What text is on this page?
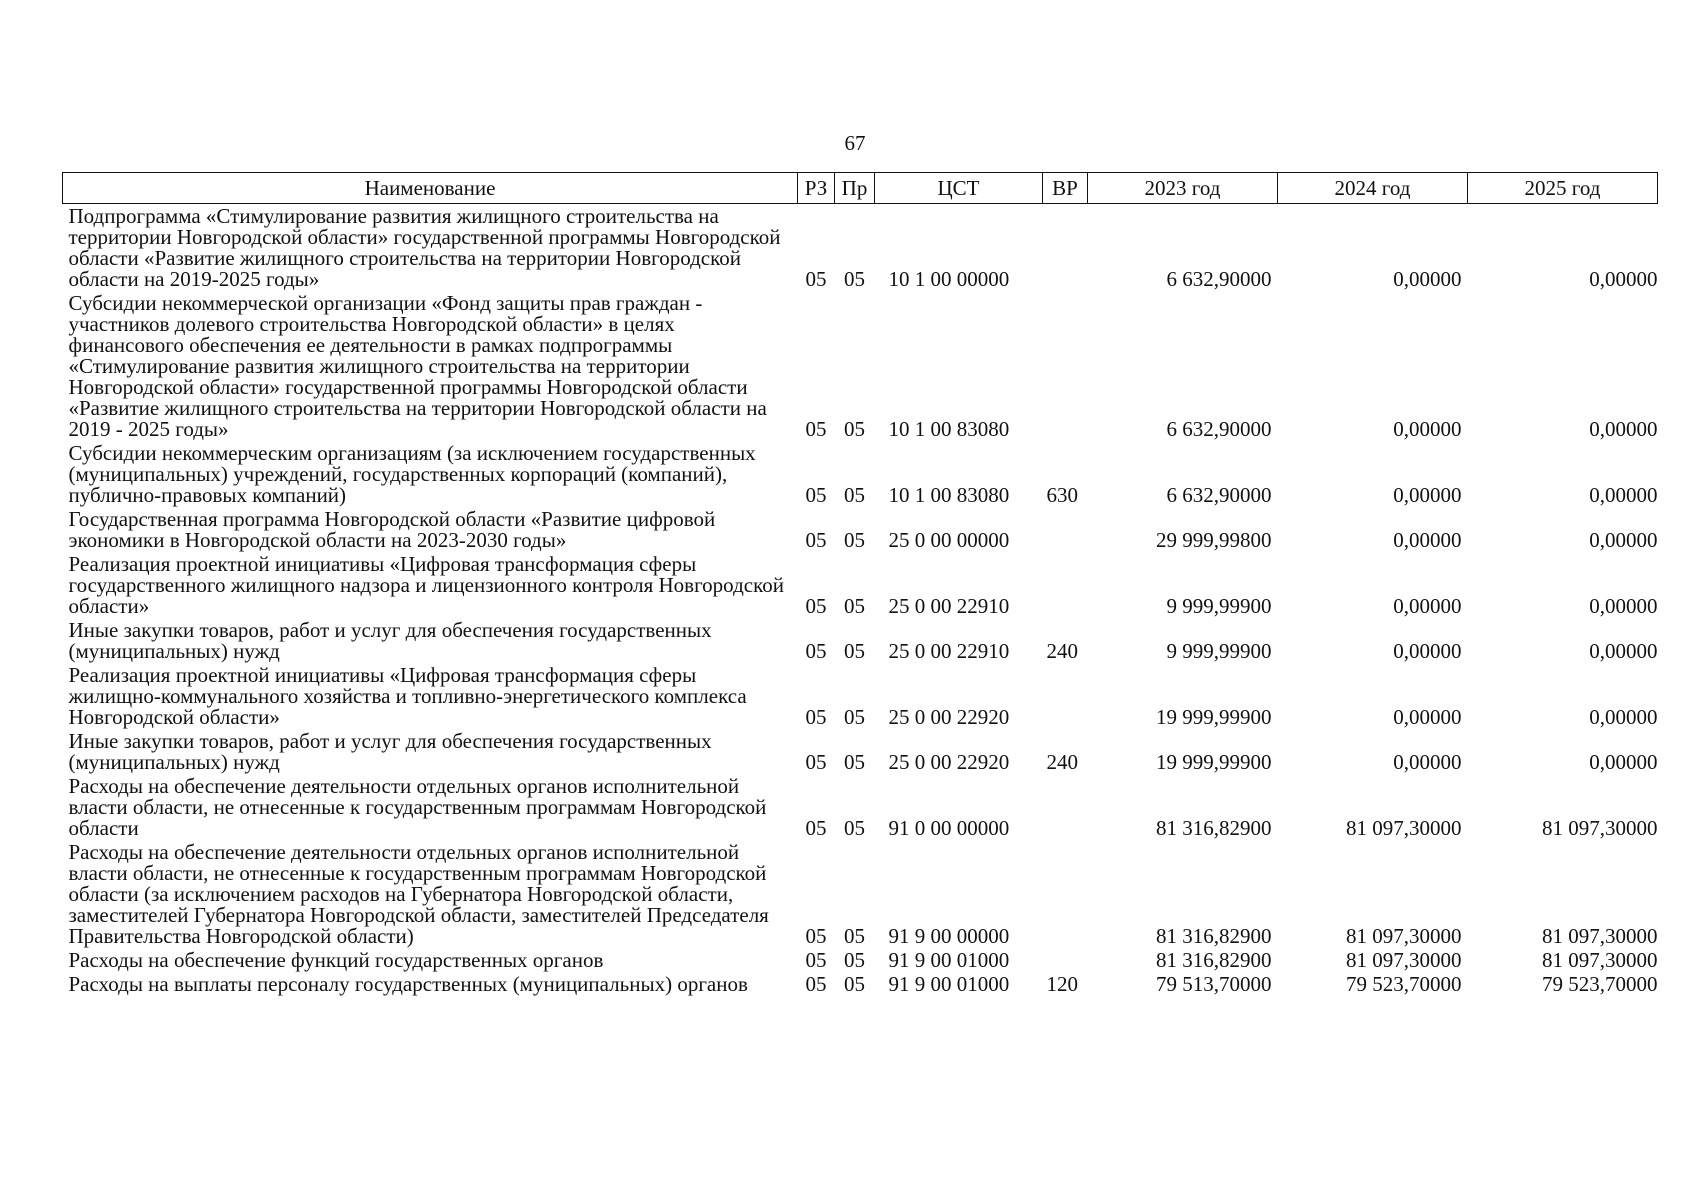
67
Наименование	РЗ	Пр	ЦСТ	ВР	2023 год	2024 год	2025 год
Подпрограмма «Стимулирование развития жилищного строительства на территории Новгородской области» государственной программы Новгородской области «Развитие жилищного строительства на территории Новгородской области на 2019-2025 годы»	05	05	10 1 00 00000		6 632,90000	0,00000	0,00000
Субсидии некоммерческой организации «Фонд защиты прав граждан - участников долевого строительства Новгородской области» в целях финансового обеспечения ее деятельности в рамках подпрограммы «Стимулирование развития жилищного строительства на территории Новгородской области» государственной программы Новгородской области «Развитие жилищного строительства на территории Новгородской области на 2019 - 2025 годы»	05	05	10 1 00 83080		6 632,90000	0,00000	0,00000
Субсидии некоммерческим организациям (за исключением государственных (муниципальных) учреждений, государственных корпораций (компаний), публично-правовых компаний)	05	05	10 1 00 83080	630	6 632,90000	0,00000	0,00000
Государственная программа Новгородской области «Развитие цифровой экономики в Новгородской области на 2023-2030 годы»	05	05	25 0 00 00000		29 999,99800	0,00000	0,00000
Реализация проектной инициативы «Цифровая трансформация сферы государственного жилищного надзора и лицензионного контроля Новгородской области»	05	05	25 0 00 22910		9 999,99900	0,00000	0,00000
Иные закупки товаров, работ и услуг для обеспечения государственных (муниципальных) нужд	05	05	25 0 00 22910	240	9 999,99900	0,00000	0,00000
Реализация проектной инициативы «Цифровая трансформация сферы жилищно-коммунального хозяйства и топливно-энергетического комплекса Новгородской области»	05	05	25 0 00 22920		19 999,99900	0,00000	0,00000
Иные закупки товаров, работ и услуг для обеспечения государственных (муниципальных) нужд	05	05	25 0 00 22920	240	19 999,99900	0,00000	0,00000
Расходы на обеспечение деятельности отдельных органов исполнительной власти области, не отнесенные к государственным программам Новгородской области	05	05	91 0 00 00000		81 316,82900	81 097,30000	81 097,30000
Расходы на обеспечение деятельности отдельных органов исполнительной власти области, не отнесенные к государственным программам Новгородской области (за исключением расходов на Губернатора Новгородской области, заместителей Губернатора Новгородской области, заместителей Председателя Правительства Новгородской области)	05	05	91 9 00 00000		81 316,82900	81 097,30000	81 097,30000
Расходы на обеспечение функций государственных органов	05	05	91 9 00 01000		81 316,82900	81 097,30000	81 097,30000
Расходы на выплаты персоналу государственных (муниципальных) органов	05	05	91 9 00 01000	120	79 513,70000	79 523,70000	79 523,70000
